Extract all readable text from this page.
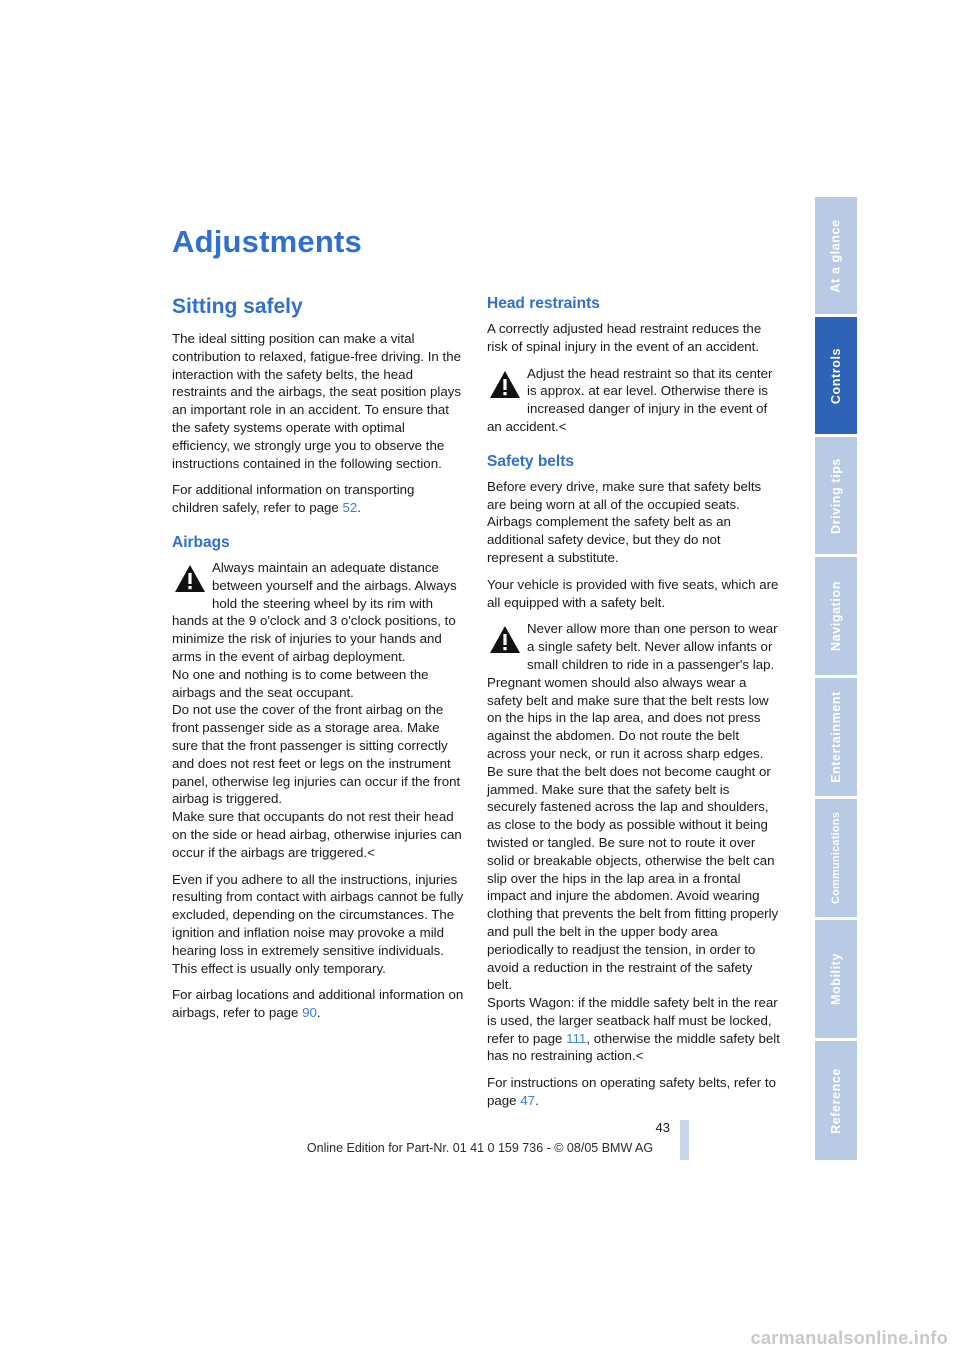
Adjustments
Sitting safely

The ideal sitting position can make a vital contribution to relaxed, fatigue-free driving. In the interaction with the safety belts, the head restraints and the airbags, the seat position plays an important role in an accident. To ensure that the safety systems operate with optimal efficiency, we strongly urge you to observe the instructions contained in the following section.

For additional information on transporting children safely, refer to page 52.

Airbags
Always maintain an adequate distance between yourself and the airbags. Always hold the steering wheel by its rim with hands at the 9 o'clock and 3 o'clock positions, to minimize the risk of injuries to your hands and arms in the event of airbag deployment.
No one and nothing is to come between the airbags and the seat occupant.
Do not use the cover of the front airbag on the front passenger side as a storage area. Make sure that the front passenger is sitting correctly and does not rest feet or legs on the instrument panel, otherwise leg injuries can occur if the front airbag is triggered.
Make sure that occupants do not rest their head on the side or head airbag, otherwise injuries can occur if the airbags are triggered.<

Even if you adhere to all the instructions, injuries resulting from contact with airbags cannot be fully excluded, depending on the circumstances. The ignition and inflation noise may provoke a mild hearing loss in extremely sensitive individuals. This effect is usually only temporary.

For airbag locations and additional information on airbags, refer to page 90.

Head restraints

A correctly adjusted head restraint reduces the risk of spinal injury in the event of an accident.

Adjust the head restraint so that its center is approx. at ear level. Otherwise there is increased danger of injury in the event of an accident.<
Safety belts

Before every drive, make sure that safety belts are being worn at all of the occupied seats. Airbags complement the safety belt as an additional safety device, but they do not represent a substitute.

Your vehicle is provided with five seats, which are all equipped with a safety belt.

Never allow more than one person to wear a single safety belt. Never allow infants or small children to ride in a passenger's lap. Pregnant women should also always wear a safety belt and make sure that the belt rests low on the hips in the lap area, and does not press against the abdomen. Do not route the belt across your neck, or run it across sharp edges. Be sure that the belt does not become caught or jammed. Make sure that the safety belt is securely fastened across the lap and shoulders, as close to the body as possible without it being twisted or tangled. Be sure not to route it over solid or breakable objects, otherwise the belt can slip over the hips in the lap area in a frontal impact and injure the abdomen. Avoid wearing clothing that prevents the belt from fitting properly and pull the belt in the upper body area periodically to readjust the tension, in order to avoid a reduction in the restraint of the safety belt.
Sports Wagon: if the middle safety belt in the rear is used, the larger seatback half must be locked, refer to page 111, otherwise the middle safety belt has no restraining action.<

For instructions on operating safety belts, refer to page 47.

At a glance
Controls
Driving tips
Navigation
Entertainment
Communications
Mobility
Reference
43
Online Edition for Part-Nr. 01 41 0 159 736 - © 08/05 BMW AG
carmanualsonline.info
